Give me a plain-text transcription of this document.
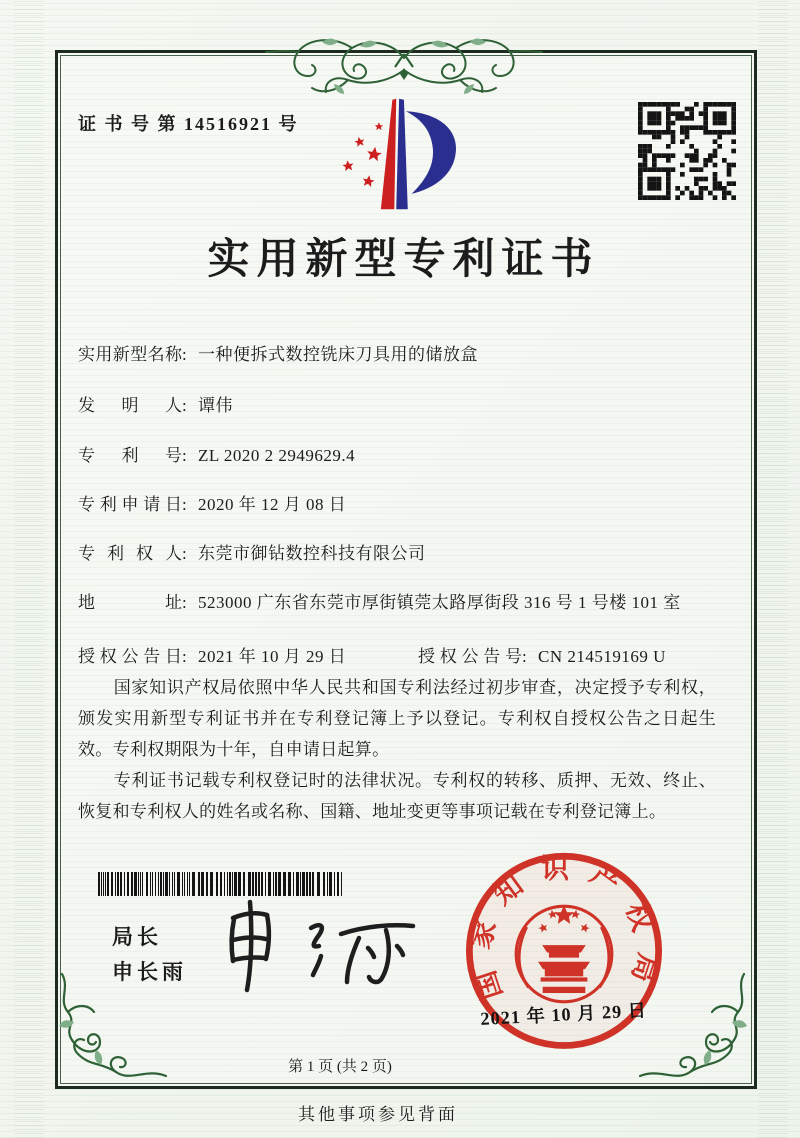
证 书 号 第 14516921 号
实用新型专利证书
实用新型名称 : 一种便拆式数控铣床刀具用的储放盒
发明人 : 谭伟
专利号 : ZL 2020 2 2949629.4
专利申请日 : 2020 年 12 月 08 日
专利权人 : 东莞市御钻数控科技有限公司
地址 : 523000 广东省东莞市厚街镇莞太路厚街段 316 号 1 号楼 101 室
授权公告日 : 2021 年 10 月 29 日	授权公告号 : CN 214519169 U

国家知识产权局依照中华人民共和国专利法经过初步审查，决定授予专利权，颁发实用新型专利证书并在专利登记簿上予以登记。专利权自授权公告之日起生效。专利权期限为十年，自申请日起算。

专利证书记载专利权登记时的法律状况。专利权的转移、质押、无效、终止、恢复和专利权人的姓名或名称、国籍、地址变更等事项记载在专利登记簿上。

局长
申长雨	国家知识产权局
2021 年 10 月 29 日
第 1 页 (共 2 页)
其他事项参见背面
